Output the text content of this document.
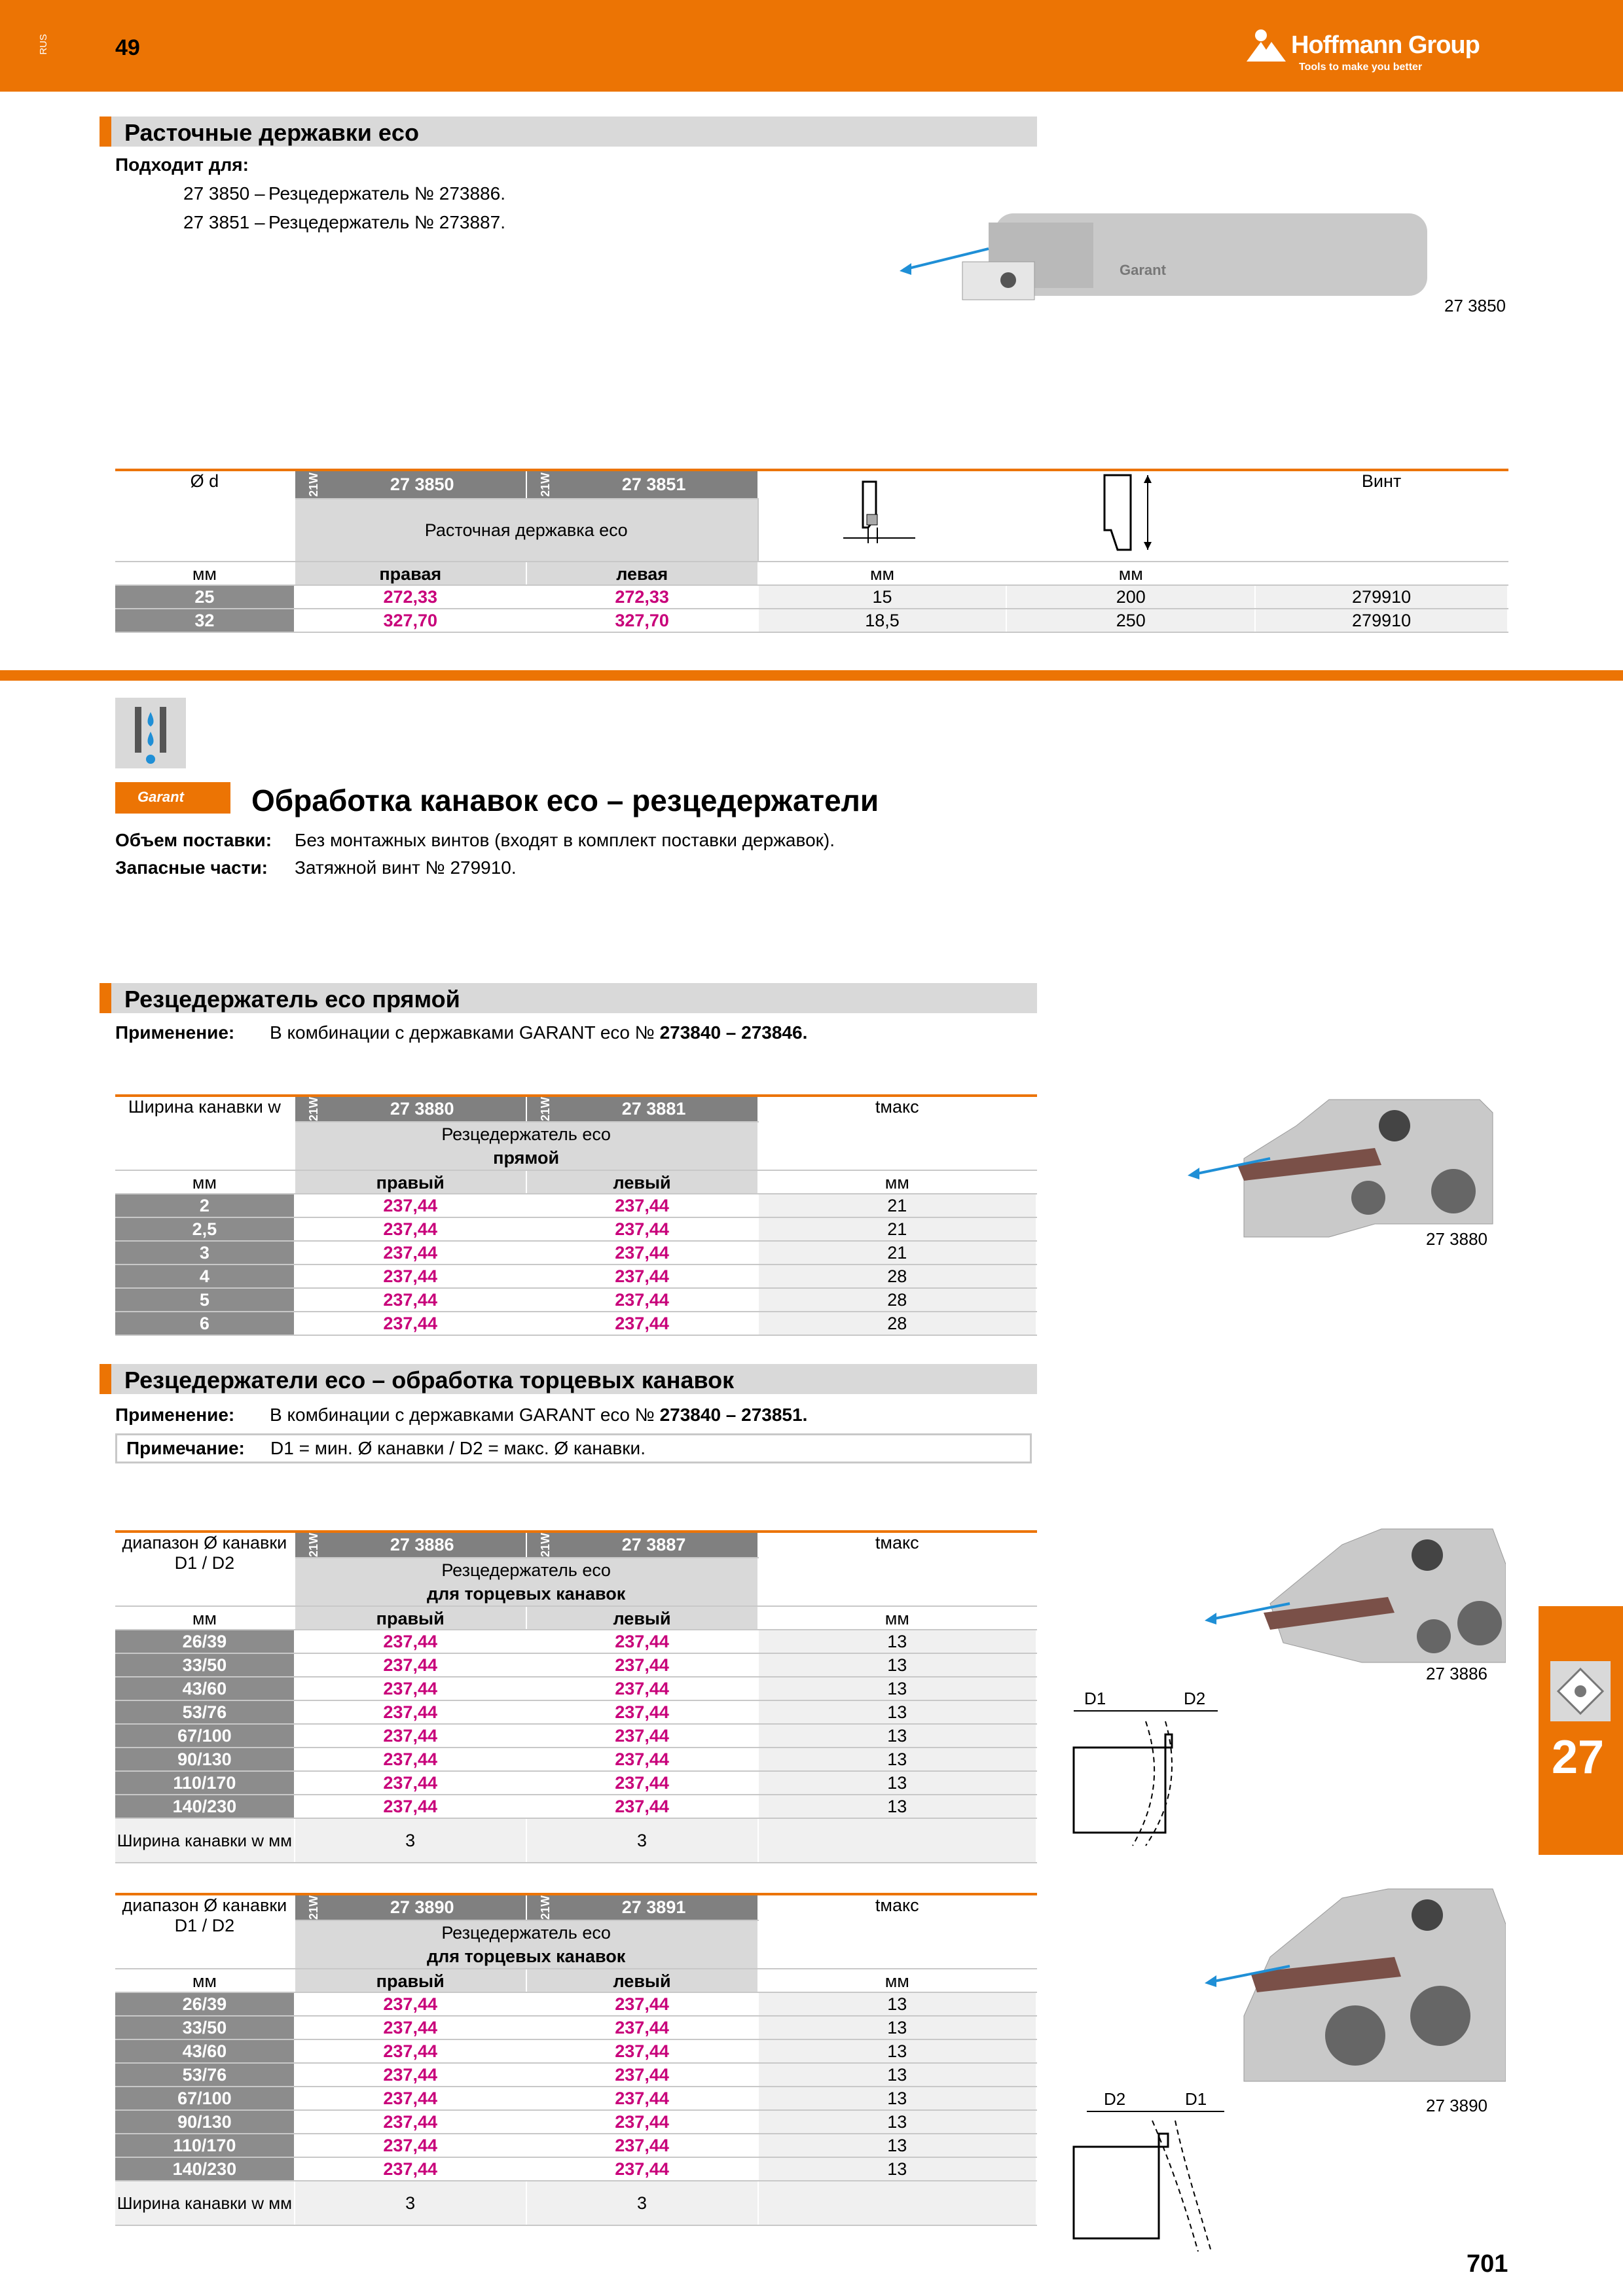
RUS	49	Hoffmann Group
Tools to make you better
Расточные державки eco
Подходит для:
27 3850 – Резцедержатель № 273886.
27 3851 – Резцедержатель № 273887.
Garant
27 3850
Ø d	21W 27 3850	21W 27 3851			Винт
	Расточная державка eco				
мм	правая	левая	мм	мм	
25	272,33	272,33	15	200	279910
32	327,70	327,70	18,5	250	279910
Garant	Обработка канавок eco – резцедержатели
Объем поставки: Без монтажных винтов (входят в комплект поставки державок).
Запасные части: Затяжной винт № 279910.
Резцедержатель eco прямой
Применение: В комбинации с державками GARANT eco № 273840 – 273846.
Ширина канавки w	21W 27 3880	21W 27 3881	tмакс

	Резцедержатель eco
прямой		

мм	правый	левый	мм
2	237,44	237,44	21
2,5	237,44	237,44	21
3	237,44	237,44	21
4	237,44	237,44	28
5	237,44	237,44	28
6	237,44	237,44	28
27 3880
Резцедержатели eco – обработка торцевых канавок
Применение: В комбинации с державками GARANT eco № 273840 – 273851.
Примечание: D1 = мин. Ø канавки / D2 = макс. Ø канавки.
диапазон Ø канавки
D1 / D2	21W 27 3886	21W 27 3887	tмакс

	Резцедержатель eco
для торцевых канавок		

мм	правый	левый	мм
26/39	237,44	237,44	13
33/50	237,44	237,44	13
43/60	237,44	237,44	13
53/76	237,44	237,44	13
67/100	237,44	237,44	13
90/130	237,44	237,44	13
110/170	237,44	237,44	13
140/230	237,44	237,44	13
Ширина канавки w мм	3	3	
диапазон Ø канавки
D1 / D2	21W 27 3890	21W 27 3891	tмакс

	Резцедержатель eco
для торцевых канавок		

мм	правый	левый	мм
26/39	237,44	237,44	13
33/50	237,44	237,44	13
43/60	237,44	237,44	13
53/76	237,44	237,44	13
67/100	237,44	237,44	13
90/130	237,44	237,44	13
110/170	237,44	237,44	13
140/230	237,44	237,44	13
Ширина канавки w мм	3	3	
27 3886
D1	D2
27 3890
D2	D1
27
701
